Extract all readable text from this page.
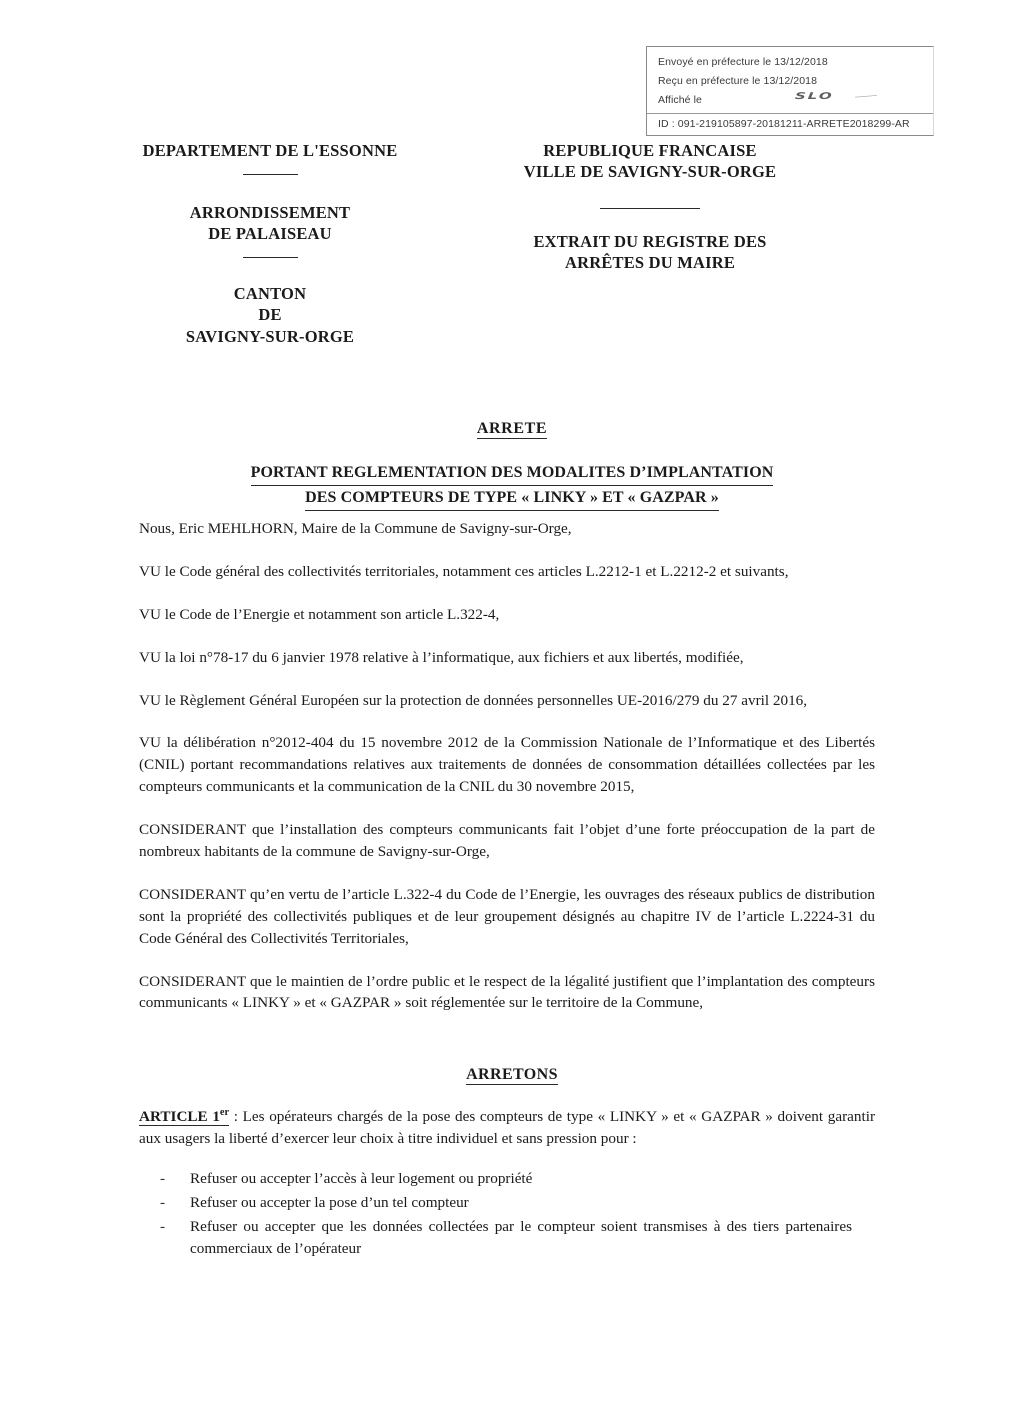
Envoyé en préfecture le 13/12/2018
Reçu en préfecture le 13/12/2018
Affiché le	SLO
ID : 091-219105897-20181211-ARRETE2018299-AR
DEPARTEMENT DE L'ESSONNE
ARRONDISSEMENT
DE PALAISEAU
CANTON
DE
SAVIGNY-SUR-ORGE
REPUBLIQUE FRANCAISE
VILLE DE SAVIGNY-SUR-ORGE
EXTRAIT DU REGISTRE DES
ARRÊTES DU MAIRE
ARRETE
PORTANT REGLEMENTATION DES MODALITES D’IMPLANTATION
DES COMPTEURS DE TYPE « LINKY » ET « GAZPAR »

Nous, Eric MEHLHORN, Maire de la Commune de Savigny-sur-Orge,

VU le Code général des collectivités territoriales, notamment ces articles L.2212-1 et L.2212-2 et suivants,

VU le Code de l’Energie et notamment son article L.322-4,

VU la loi n°78-17 du 6 janvier 1978 relative à l’informatique, aux fichiers et aux libertés, modifiée,

VU le Règlement Général Européen sur la protection de données personnelles UE-2016/279 du 27 avril 2016,

VU la délibération n°2012-404 du 15 novembre 2012 de la Commission Nationale de l’Informatique et des Libertés (CNIL) portant recommandations relatives aux traitements de données de consommation détaillées collectées par les compteurs communicants et la communication de la CNIL du 30 novembre 2015,

CONSIDERANT que l’installation des compteurs communicants fait l’objet d’une forte préoccupation de la part de nombreux habitants de la commune de Savigny-sur-Orge,

CONSIDERANT qu’en vertu de l’article L.322-4 du Code de l’Energie, les ouvrages des réseaux publics de distribution sont la propriété des collectivités publiques et de leur groupement désignés au chapitre IV de l’article L.2224-31 du Code Général des Collectivités Territoriales,

CONSIDERANT que le maintien de l’ordre public et le respect de la légalité justifient que l’implantation des compteurs communicants « LINKY » et « GAZPAR » soit réglementée sur le territoire de la Commune,

ARRETONS
ARTICLE 1er : Les opérateurs chargés de la pose des compteurs de type « LINKY » et « GAZPAR » doivent garantir aux usagers la liberté d’exercer leur choix à titre individuel et sans pression pour :
-	Refuser ou accepter l’accès à leur logement ou propriété
-	Refuser ou accepter la pose d’un tel compteur
-	Refuser ou accepter que les données collectées par le compteur soient transmises à des tiers partenaires commerciaux de l’opérateur
